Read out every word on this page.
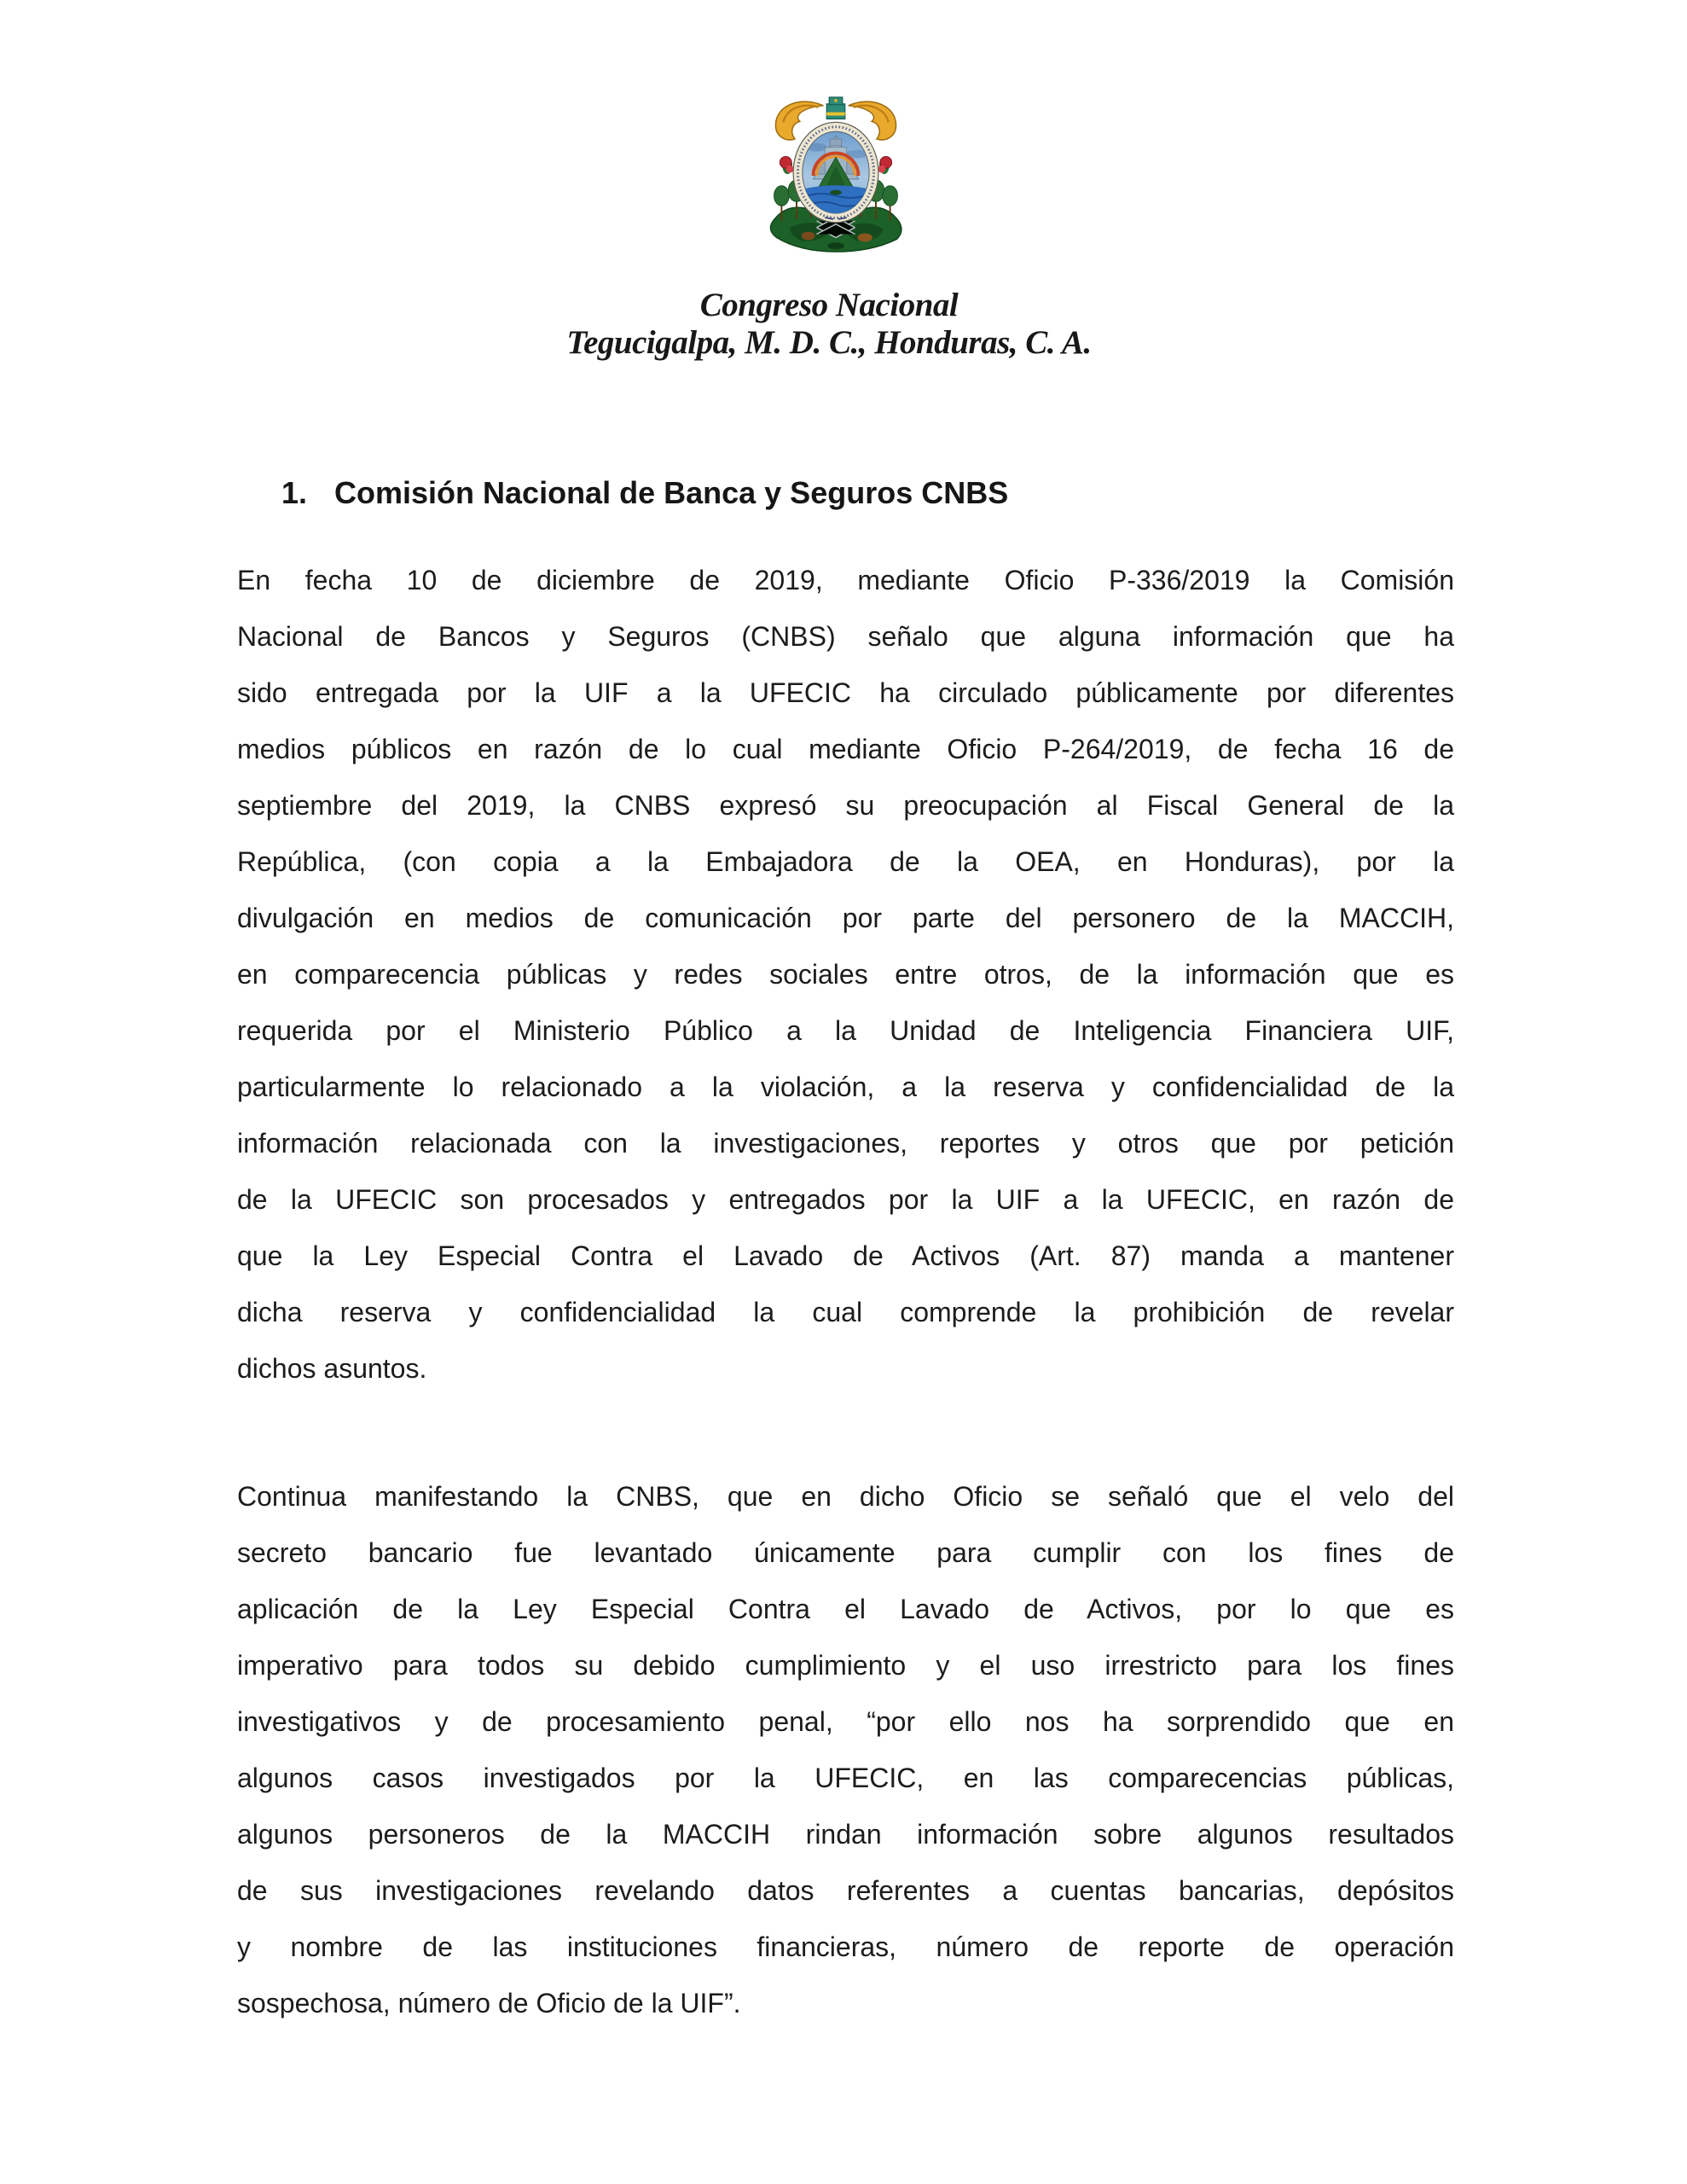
Congreso Nacional
Tegucigalpa, M. D. C., Honduras, C. A.
1. Comisión Nacional de Banca y Seguros CNBS
En fecha 10 de diciembre de 2019, mediante Oficio P-336/2019 la Comisión
Nacional de Bancos y Seguros (CNBS) señalo que alguna información que ha
sido entregada por la UIF a la UFECIC ha circulado públicamente por diferentes
medios públicos en razón de lo cual mediante Oficio P-264/2019, de fecha 16 de
septiembre del 2019, la CNBS expresó su preocupación al Fiscal General de la
República, (con copia a la Embajadora de la OEA, en Honduras), por la
divulgación en medios de comunicación por parte del personero de la MACCIH,
en comparecencia públicas y redes sociales entre otros, de la información que es
requerida por el Ministerio Público a la Unidad de Inteligencia Financiera UIF,
particularmente lo relacionado a la violación, a la reserva y confidencialidad de la
información relacionada con la investigaciones, reportes y otros que por petición
de la UFECIC son procesados y entregados por la UIF a la UFECIC, en razón de
que la Ley Especial Contra el Lavado de Activos (Art. 87) manda a mantener
dicha reserva y confidencialidad la cual comprende la prohibición de revelar
dichos asuntos.
Continua manifestando la CNBS, que en dicho Oficio se señaló que el velo del
secreto bancario fue levantado únicamente para cumplir con los fines de
aplicación de la Ley Especial Contra el Lavado de Activos, por lo que es
imperativo para todos su debido cumplimiento y el uso irrestricto para los fines
investigativos y de procesamiento penal, “por ello nos ha sorprendido que en
algunos casos investigados por la UFECIC, en las comparecencias públicas,
algunos personeros de la MACCIH rindan información sobre algunos resultados
de sus investigaciones revelando datos referentes a cuentas bancarias, depósitos
y nombre de las instituciones financieras, número de reporte de operación
sospechosa, número de Oficio de la UIF”.
